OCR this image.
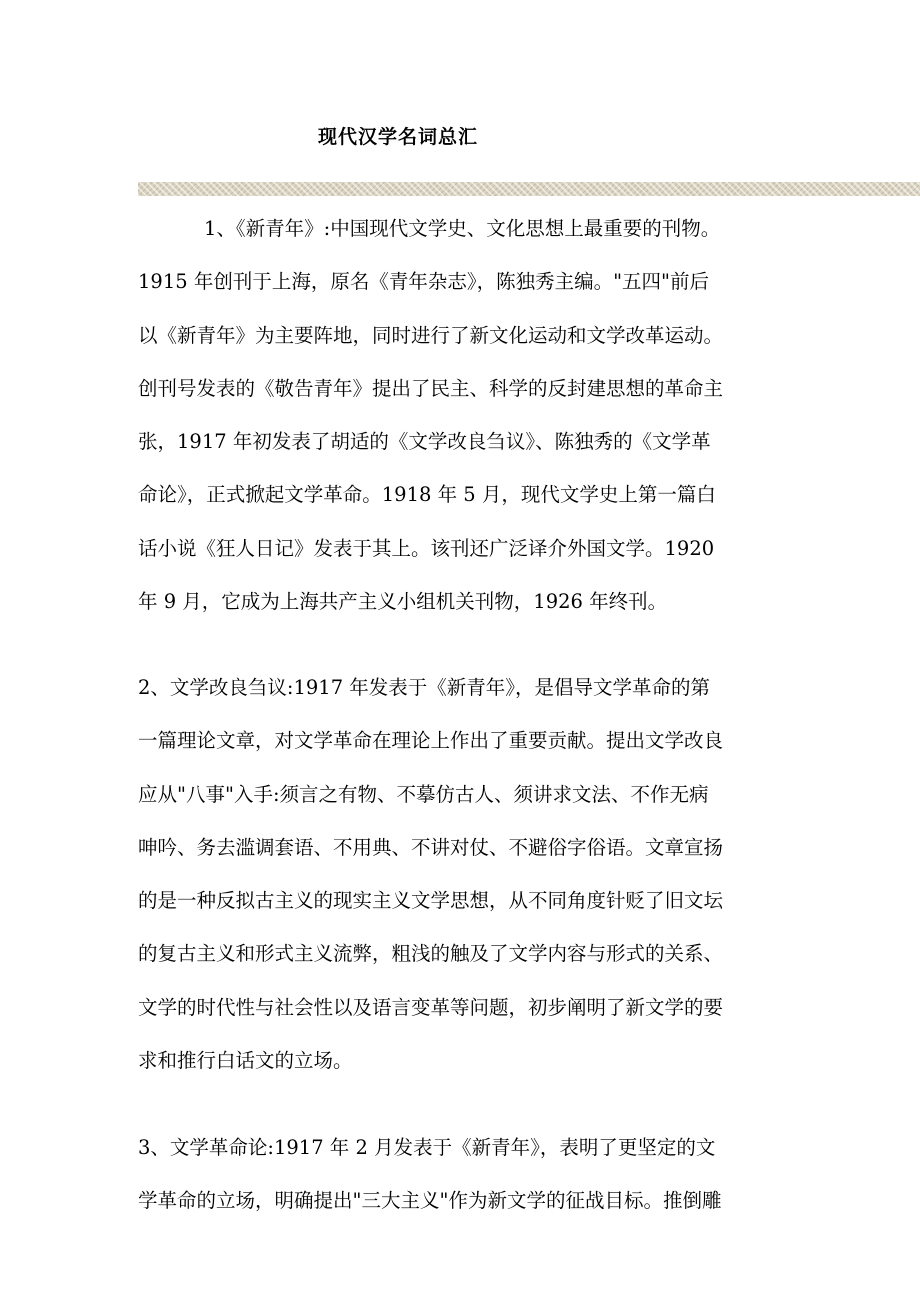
现代汉学名词总汇
1、《新青年》:中国现代文学史、文化思想上最重要的刊物。
1915 年创刊于上海，原名《青年杂志》，陈独秀主编。"五四"前后
以《新青年》为主要阵地，同时进行了新文化运动和文学改革运动。
创刊号发表的《敬告青年》提出了民主、科学的反封建思想的革命主
张，1917 年初发表了胡适的《文学改良刍议》、陈独秀的《文学革
命论》，正式掀起文学革命。1918 年 5 月，现代文学史上第一篇白
话小说《狂人日记》发表于其上。该刊还广泛译介外国文学。1920
年 9 月，它成为上海共产主义小组机关刊物，1926 年终刊。
2、文学改良刍议:1917 年发表于《新青年》，是倡导文学革命的第
一篇理论文章，对文学革命在理论上作出了重要贡献。提出文学改良
应从"八事"入手:须言之有物、不摹仿古人、须讲求文法、不作无病
呻吟、务去滥调套语、不用典、不讲对仗、不避俗字俗语。文章宣扬
的是一种反拟古主义的现实主义文学思想，从不同角度针贬了旧文坛
的复古主义和形式主义流弊，粗浅的触及了文学内容与形式的关系、
文学的时代性与社会性以及语言变革等问题，初步阐明了新文学的要
求和推行白话文的立场。
3、文学革命论:1917 年 2 月发表于《新青年》，表明了更坚定的文
学革命的立场，明确提出"三大主义"作为新文学的征战目标。推倒雕
